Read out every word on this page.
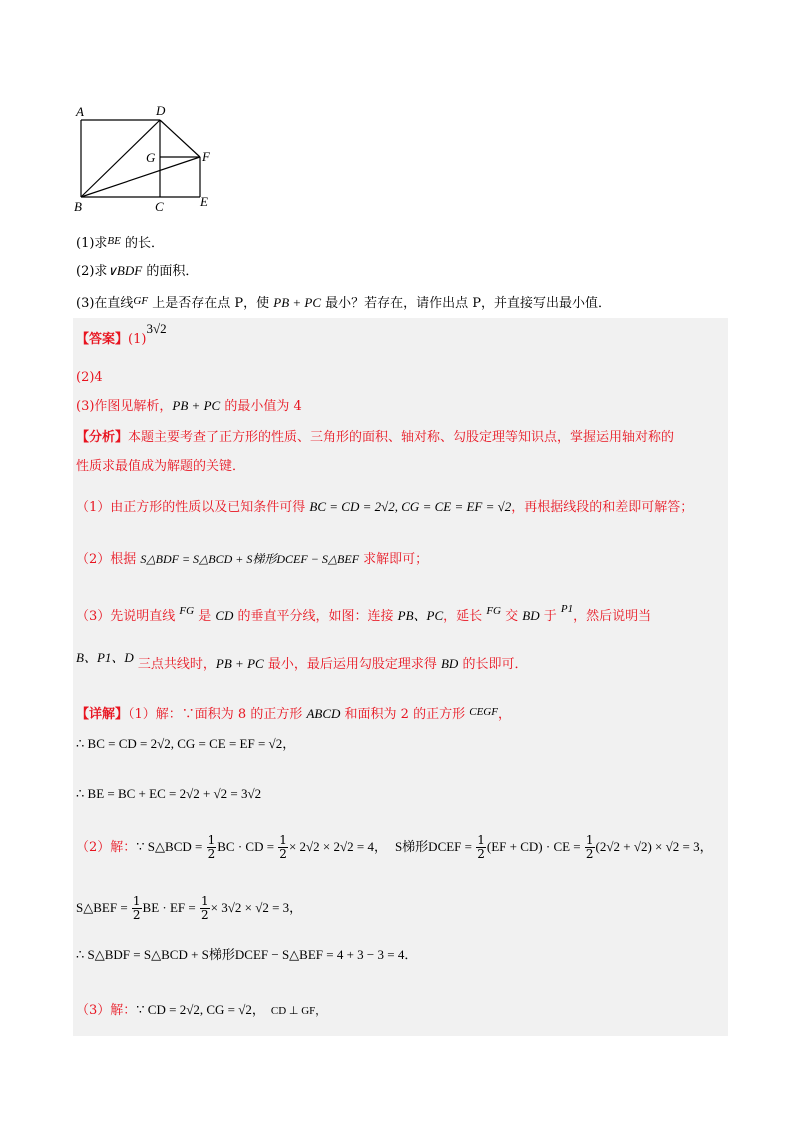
A	D
G	F
B	C	E
(1)求$^{BE}$ 的长．
(2)求∨BDF 的面积．
(3)在直线$^{GF}$ 上是否存在点 P，使 PB + PC 最小？若存在，请作出点 P，并直接写出最小值．
【答案】(1)3√2
(2)4
(3)作图见解析，PB + PC 的最小值为 4
【分析】本题主要考查了正方形的性质、三角形的面积、轴对称、勾股定理等知识点，掌握运用轴对称的
性质求最值成为解题的关键．
（1）由正方形的性质以及已知条件可得 BC = CD = 2√2, CG = CE = EF = √2，再根据线段的和差即可解答；
（2）根据 S△BDF = S△BCD + S梯形DCEF − S△BEF 求解即可；
（3）先说明直线 $^{FG}$ 是 CD 的垂直平分线，如图：连接 PB、PC，延长 $^{FG}$ 交 BD 于 $^{P1}$，然后说明当
B、P1、D 三点共线时，PB + PC 最小，最后运用勾股定理求得 BD 的长即可．
【详解】（1）解：∵面积为 8 的正方形 ABCD 和面积为 2 的正方形 $^{CEGF}$，
∴ BC = CD = 2√2, CG = CE = EF = √2，
∴ BE = BC + EC = 2√2 + √2 = 3√2
（2）解：∵ S△BCD = $\frac{1}{2}$ BC · CD = $\frac{1}{2} \times 2√2 \times 2√2 = 4$， S梯形DCEF = $\frac{1}{2} (EF + CD)$ · CE = $\frac{1}{2} (2√2 + √2) \times √2 = 3$，
S△BEF = $\frac{1}{2}$ BE · EF = $\frac{1}{2} \times 3√2 \times √2 = 3$，
∴ S△BDF = S△BCD + S梯形DCEF − S△BEF = 4 + 3 − 3 = 4．
（3）解：∵ CD = 2√2, CG = √2， CD ⊥ GF，
